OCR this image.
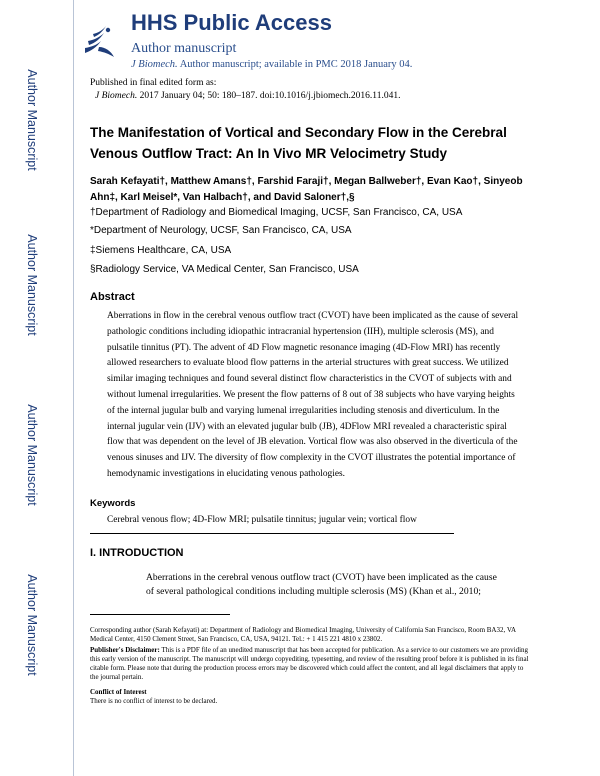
Author Manuscript
Author Manuscript
Author Manuscript
Author Manuscript
HHS Public Access
Author manuscript
J Biomech. Author manuscript; available in PMC 2018 January 04.
Published in final edited form as:
J Biomech. 2017 January 04; 50: 180–187. doi:10.1016/j.jbiomech.2016.11.041.
The Manifestation of Vortical and Secondary Flow in the Cerebral Venous Outflow Tract: An In Vivo MR Velocimetry Study
Sarah Kefayati†, Matthew Amans†, Farshid Faraji†, Megan Ballweber†, Evan Kao†, Sinyeob
Ahn‡, Karl Meisel*, Van Halbach†, and David Saloner†,§
†Department of Radiology and Biomedical Imaging, UCSF, San Francisco, CA, USA
*Department of Neurology, UCSF, San Francisco, CA, USA
‡Siemens Healthcare, CA, USA
§Radiology Service, VA Medical Center, San Francisco, USA
Abstract

Aberrations in flow in the cerebral venous outflow tract (CVOT) have been implicated as the cause of several pathologic conditions including idiopathic intracranial hypertension (IIH), multiple sclerosis (MS), and pulsatile tinnitus (PT). The advent of 4D Flow magnetic resonance imaging (4D-Flow MRI) has recently allowed researchers to evaluate blood flow patterns in the arterial structures with great success. We utilized similar imaging techniques and found several distinct flow characteristics in the CVOT of subjects with and without lumenal irregularities. We present the flow patterns of 8 out of 38 subjects who have varying heights of the internal jugular bulb and varying lumenal irregularities including stenosis and diverticulum. In the internal jugular vein (IJV) with an elevated jugular bulb (JB), 4DFlow MRI revealed a characteristic spiral flow that was dependent on the level of JB elevation. Vortical flow was also observed in the diverticula of the venous sinuses and IJV. The diversity of flow complexity in the CVOT illustrates the potential importance of hemodynamic investigations in elucidating venous pathologies.

Keywords
Cerebral venous flow; 4D-Flow MRI; pulsatile tinnitus; jugular vein; vortical flow
I. INTRODUCTION
Aberrations in the cerebral venous outflow tract (CVOT) have been implicated as the cause
of several pathological conditions including multiple sclerosis (MS) (Khan et al., 2010;

Corresponding author (Sarah Kefayati) at: Department of Radiology and Biomedical Imaging, University of California San Francisco, Room BA32, VA Medical Center, 4150 Clement Street, San Francisco, CA, USA, 94121. Tel.: + 1 415 221 4810 x 23802.

Publisher's Disclaimer: This is a PDF file of an unedited manuscript that has been accepted for publication. As a service to our customers we are providing this early version of the manuscript. The manuscript will undergo copyediting, typesetting, and review of the resulting proof before it is published in its final citable form. Please note that during the production process errors may be discovered which could affect the content, and all legal disclaimers that apply to the journal pertain.

Conflict of Interest
There is no conflict of interest to be declared.
